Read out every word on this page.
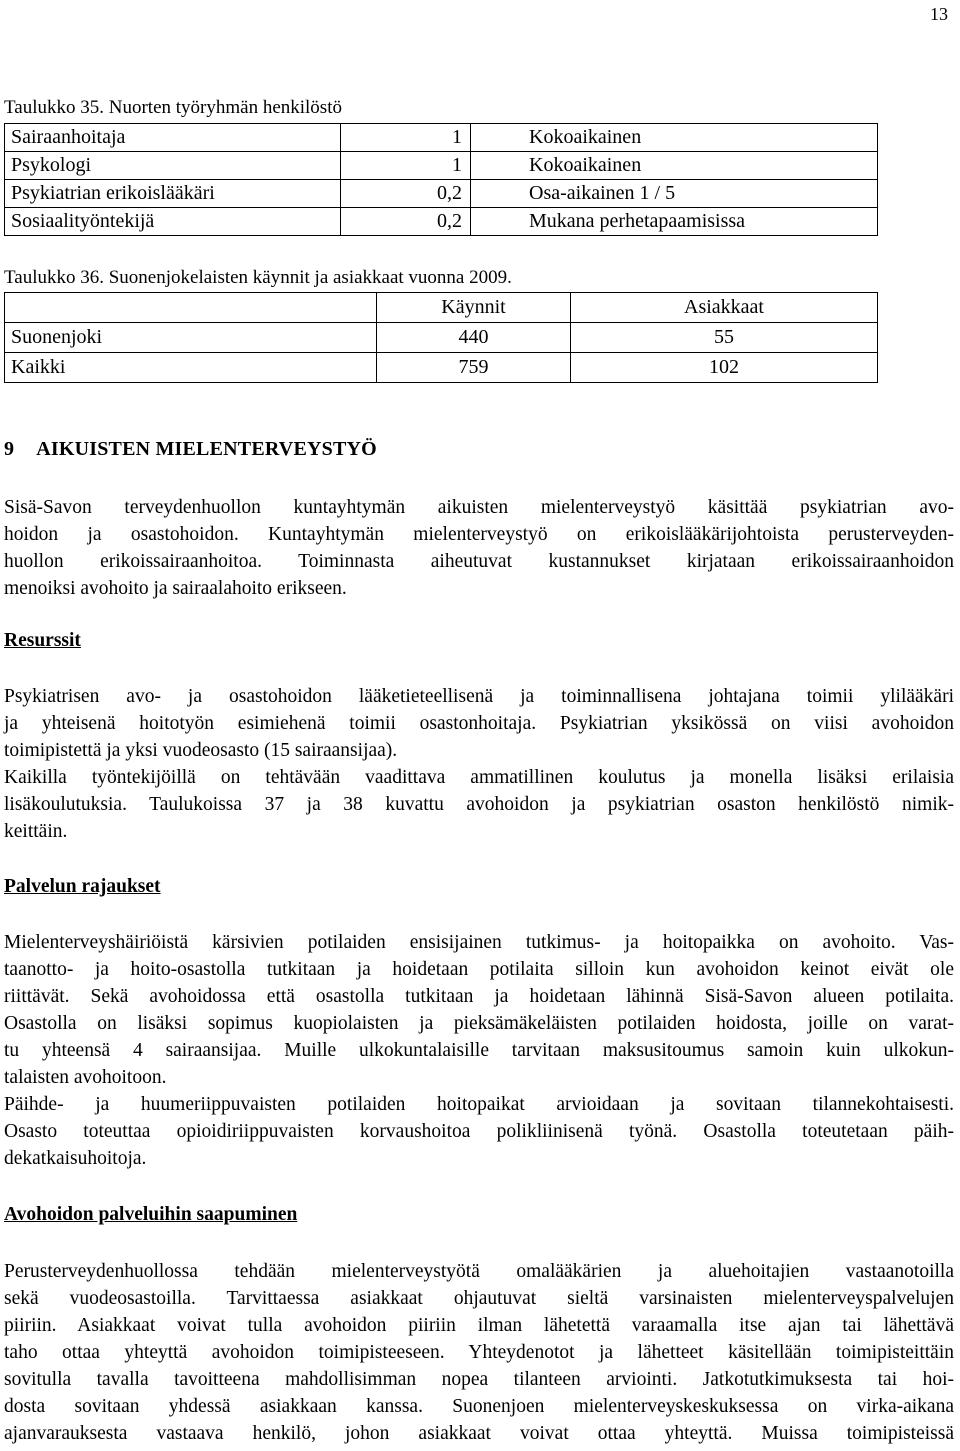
13
Taulukko 35. Nuorten työryhmän henkilöstö
Sairaanhoitaja	1	Kokoaikainen
Psykologi	1	Kokoaikainen
Psykiatrian erikoislääkäri	0,2	Osa-aikainen 1 / 5
Sosiaalityöntekijä	0,2	Mukana perhetapaamisissa
Taulukko 36. Suonenjokelaisten käynnit ja asiakkaat vuonna 2009.
	Käynnit	Asiakkaat
Suonenjoki	440	55
Kaikki	759	102
9 AIKUISTEN MIELENTERVEYSTYÖ

Sisä-Savon terveydenhuollon kuntayhtymän aikuisten mielenterveystyö käsittää psykiatrian avo-
hoidon ja osastohoidon. Kuntayhtymän mielenterveystyö on erikoislääkärijohtoista perusterveyden-
huollon erikoissairaanhoitoa. Toiminnasta aiheutuvat kustannukset kirjataan erikoissairaanhoidon
menoiksi avohoito ja sairaalahoito erikseen.

Resurssit

Psykiatrisen avo- ja osastohoidon lääketieteellisenä ja toiminnallisena johtajana toimii ylilääkäri
ja yhteisenä hoitotyön esimiehenä toimii osastonhoitaja. Psykiatrian yksikössä on viisi avohoidon
toimipistettä ja yksi vuodeosasto (15 sairaansijaa).

Kaikilla työntekijöillä on tehtävään vaadittava ammatillinen koulutus ja monella lisäksi erilaisia
lisäkoulutuksia. Taulukoissa 37 ja 38 kuvattu avohoidon ja psykiatrian osaston henkilöstö nimik-
keittäin.

Palvelun rajaukset

Mielenterveyshäiriöistä kärsivien potilaiden ensisijainen tutkimus- ja hoitopaikka on avohoito. Vas-
taanotto- ja hoito-osastolla tutkitaan ja hoidetaan potilaita silloin kun avohoidon keinot eivät ole
riittävät. Sekä avohoidossa että osastolla tutkitaan ja hoidetaan lähinnä Sisä-Savon alueen potilaita.
Osastolla on lisäksi sopimus kuopiolaisten ja pieksämäkeläisten potilaiden hoidosta, joille on varat-
tu yhteensä 4 sairaansijaa. Muille ulkokuntalaisille tarvitaan maksusitoumus samoin kuin ulkokun-
talaisten avohoitoon.

Päihde- ja huumeriippuvaisten potilaiden hoitopaikat arvioidaan ja sovitaan tilannekohtaisesti.
Osasto toteuttaa opioidiriippuvaisten korvaushoitoa polikliinisenä työnä. Osastolla toteutetaan päih-
dekatkaisuhoitoja.

Avohoidon palveluihin saapuminen

Perusterveydenhuollossa tehdään mielenterveystyötä omalääkärien ja aluehoitajien vastaanotoilla
sekä vuodeosastoilla. Tarvittaessa asiakkaat ohjautuvat sieltä varsinaisten mielenterveyspalvelujen
piiriin. Asiakkaat voivat tulla avohoidon piiriin ilman lähetettä varaamalla itse ajan tai lähettävä
taho ottaa yhteyttä avohoidon toimipisteeseen. Yhteydenotot ja lähetteet käsitellään toimipisteittäin
sovitulla tavalla tavoitteena mahdollisimman nopea tilanteen arviointi. Jatkotutkimuksesta tai hoi-
dosta sovitaan yhdessä asiakkaan kanssa. Suonenjoen mielenterveyskeskuksessa on virka-aikana
ajanvarauksesta vastaava henkilö, johon asiakkaat voivat ottaa yhteyttä. Muissa toimipisteissä
